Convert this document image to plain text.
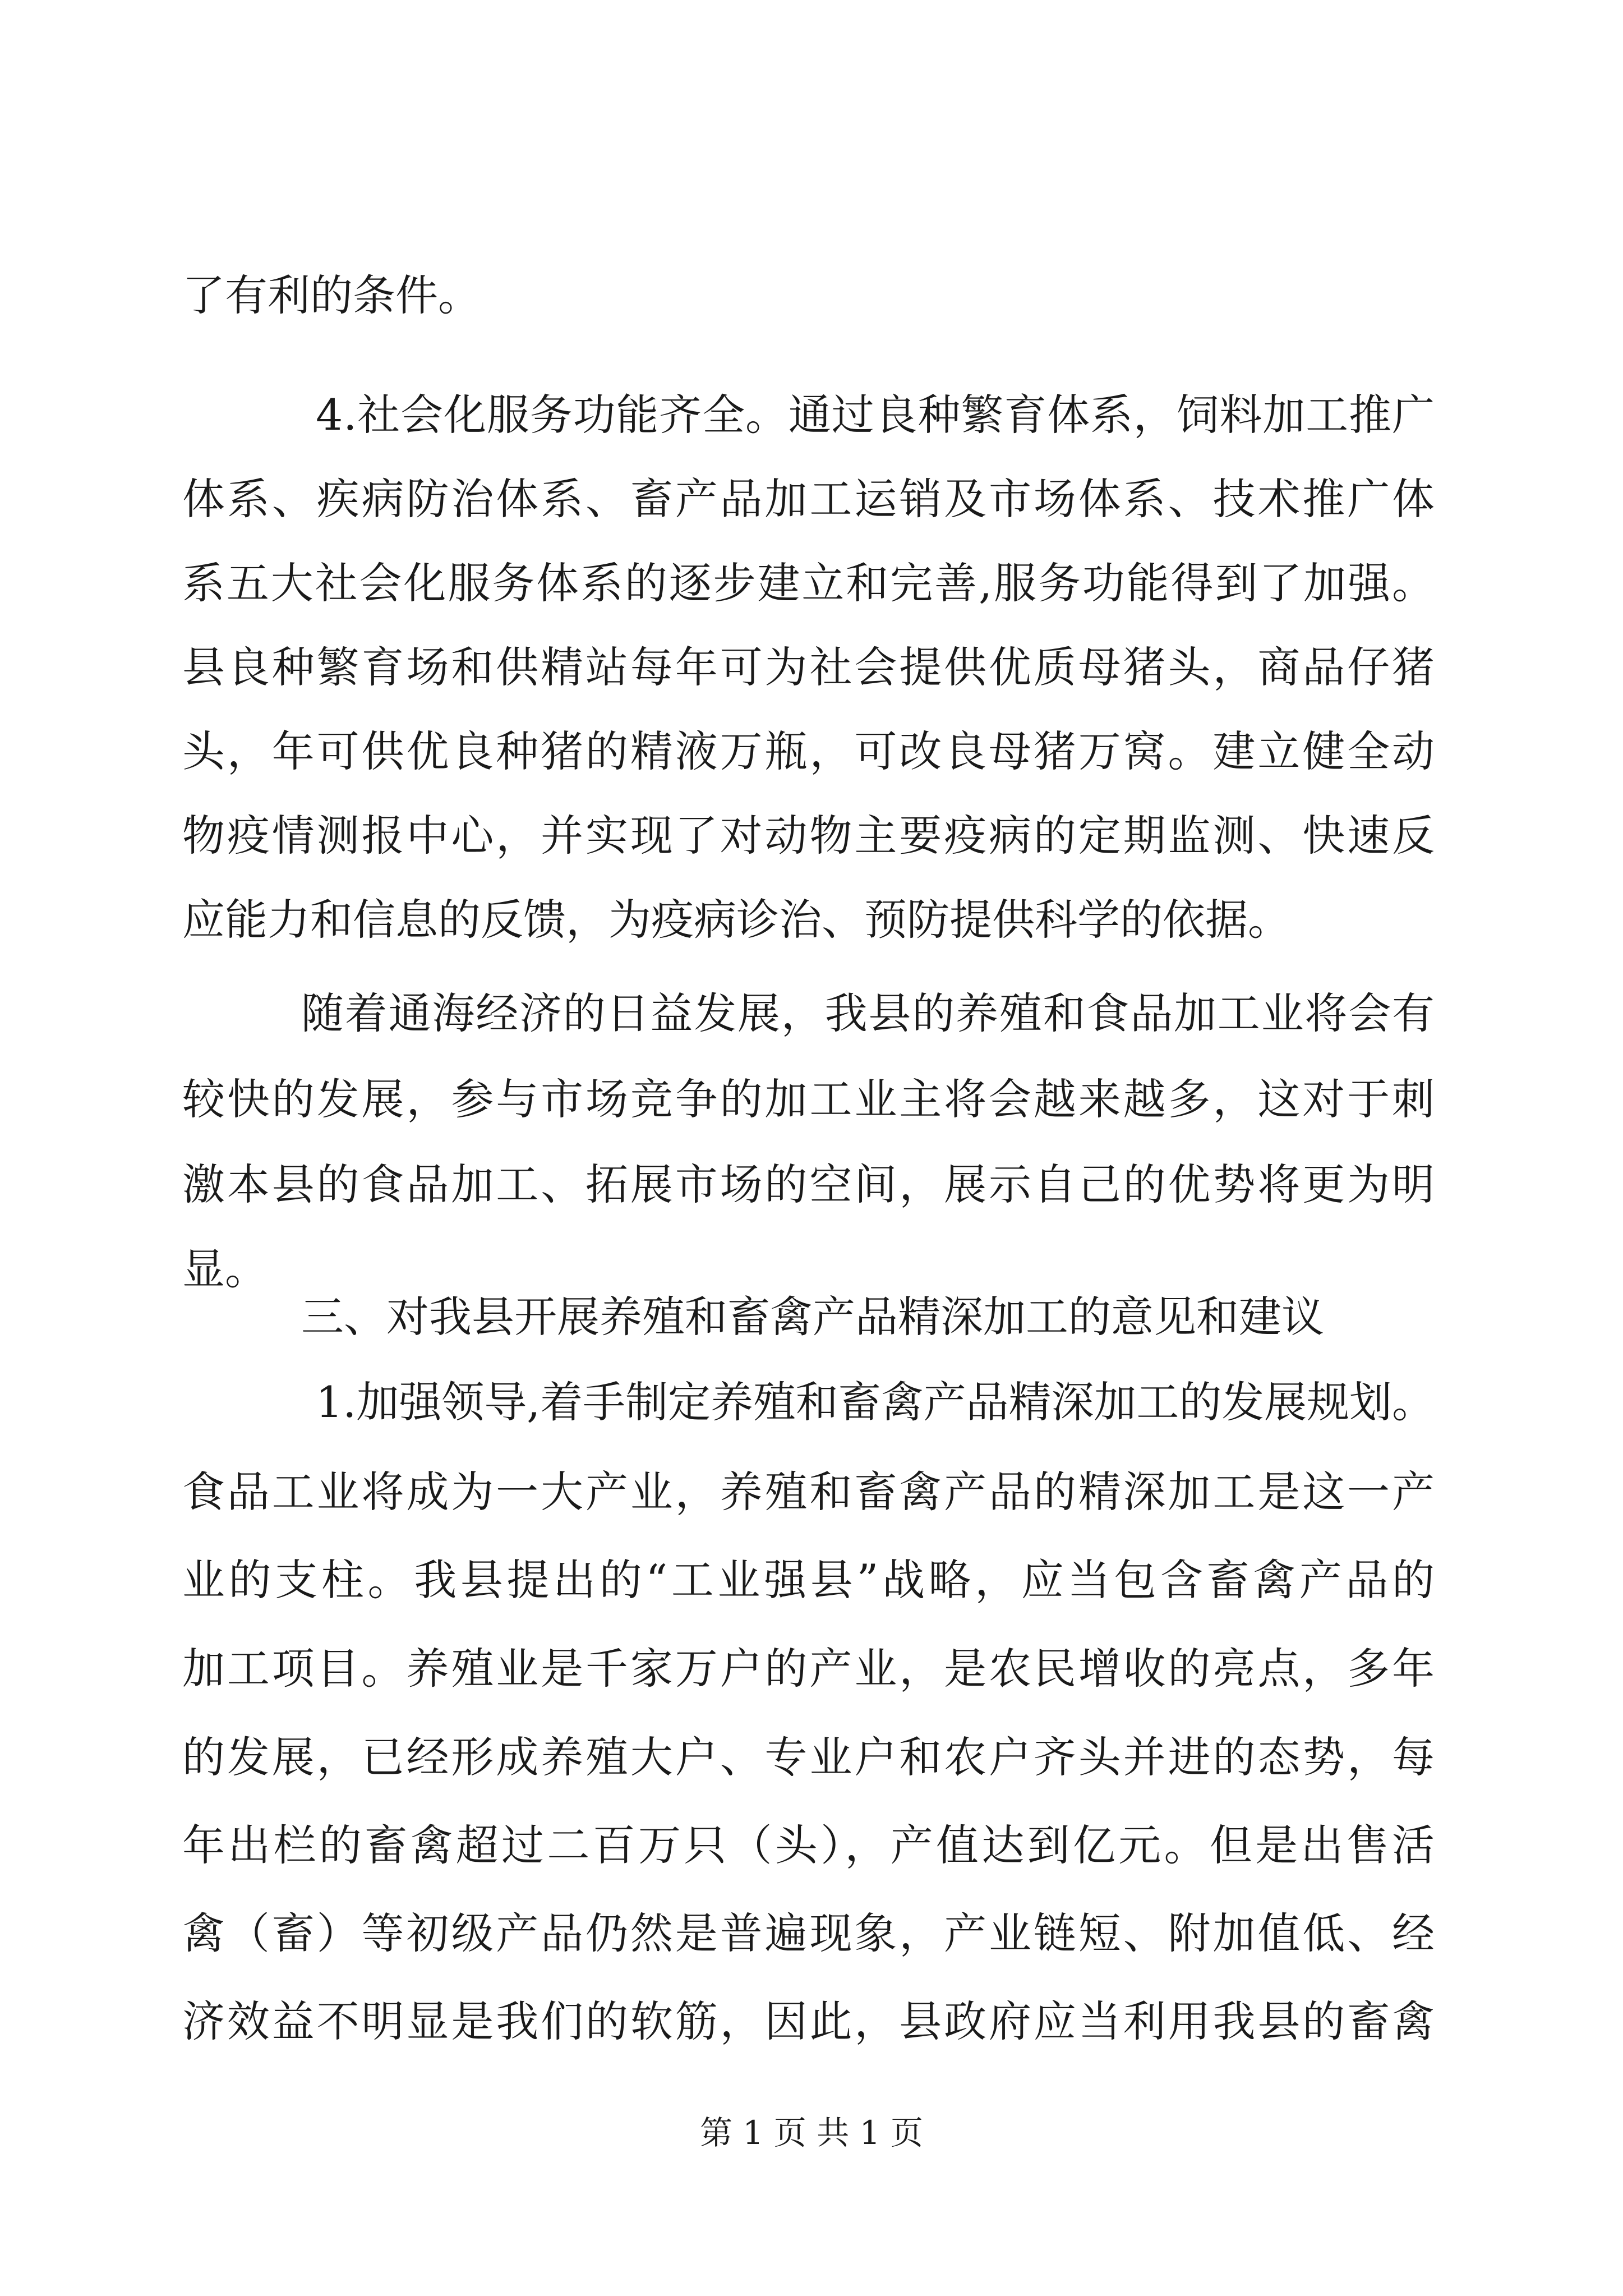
了有利的条件。
4.社会化服务功能齐全。通过良种繁育体系，饲料加工推广
体系、疾病防治体系、畜产品加工运销及市场体系、技术推广体
系五大社会化服务体系的逐步建立和完善,服务功能得到了加强。
县良种繁育场和供精站每年可为社会提供优质母猪头，商品仔猪
头，年可供优良种猪的精液万瓶，可改良母猪万窝。建立健全动
物疫情测报中心，并实现了对动物主要疫病的定期监测、快速反
应能力和信息的反馈，为疫病诊治、预防提供科学的依据。
随着通海经济的日益发展，我县的养殖和食品加工业将会有
较快的发展，参与市场竞争的加工业主将会越来越多，这对于刺
激本县的食品加工、拓展市场的空间，展示自己的优势将更为明
显。
三、对我县开展养殖和畜禽产品精深加工的意见和建议
1.加强领导,着手制定养殖和畜禽产品精深加工的发展规划。
食品工业将成为一大产业，养殖和畜禽产品的精深加工是这一产
业的支柱。我县提出的“工业强县”战略，应当包含畜禽产品的
加工项目。养殖业是千家万户的产业，是农民增收的亮点，多年
的发展，已经形成养殖大户、专业户和农户齐头并进的态势，每
年出栏的畜禽超过二百万只（头），产值达到亿元。但是出售活
禽（畜）等初级产品仍然是普遍现象，产业链短、附加值低、经
济效益不明显是我们的软筋，因此，县政府应当利用我县的畜禽
第 1 页 共 1 页
